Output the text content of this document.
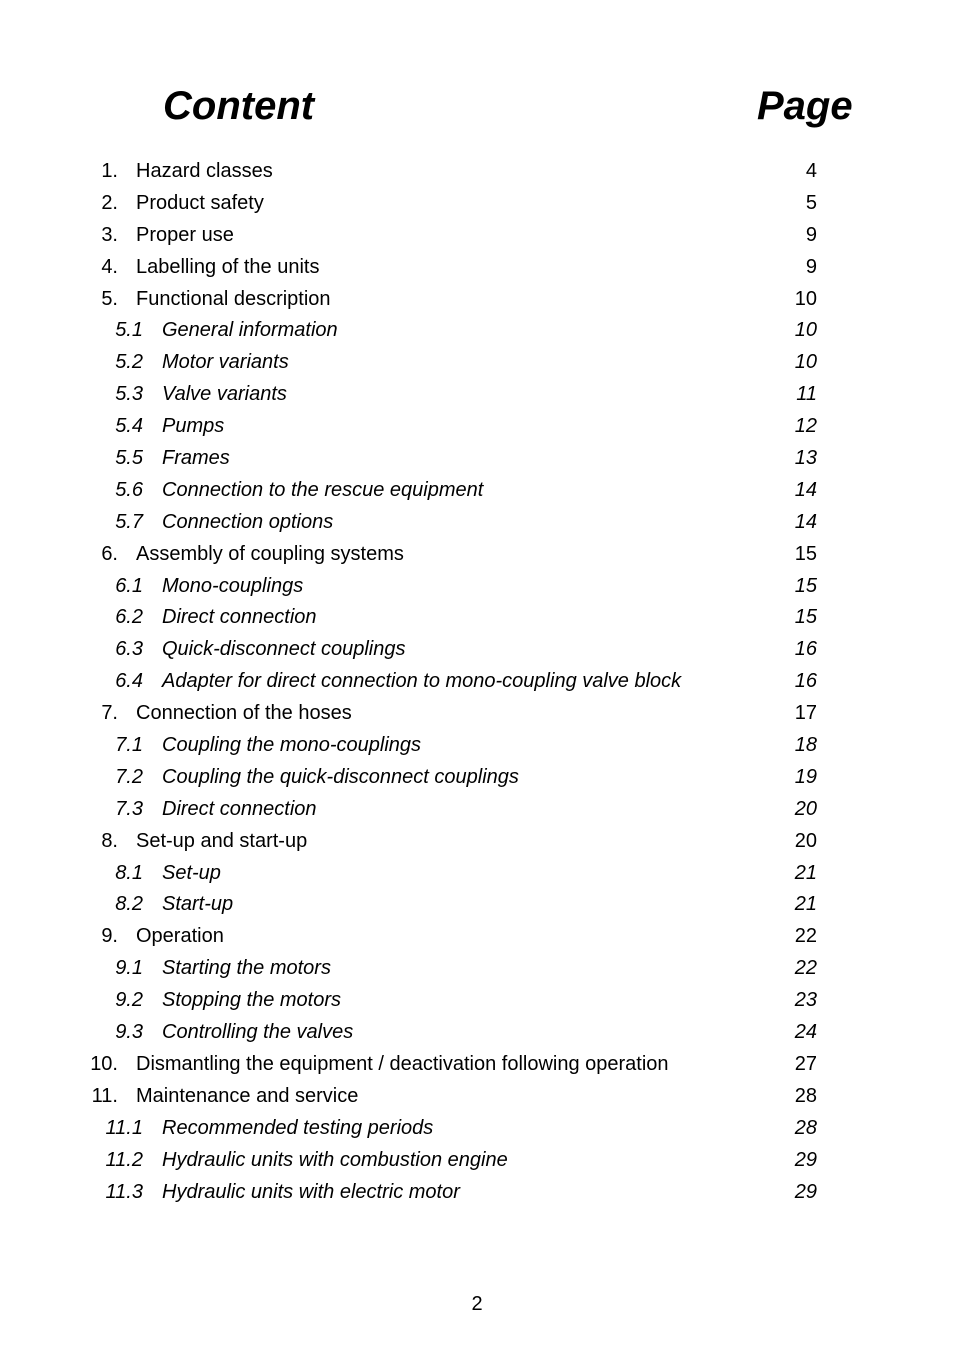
Content	Page
1. Hazard classes	4
2. Product safety	5
3. Proper use	9
4. Labelling of the units	9
5. Functional description	10
5.1 General information	10
5.2 Motor variants	10
5.3 Valve variants	11
5.4 Pumps	12
5.5 Frames	13
5.6 Connection to the rescue equipment	14
5.7 Connection options	14
6. Assembly of coupling systems	15
6.1 Mono-couplings	15
6.2 Direct connection	15
6.3 Quick-disconnect couplings	16
6.4 Adapter for direct connection to mono-coupling valve block	16
7. Connection of the hoses	17
7.1 Coupling the mono-couplings	18
7.2 Coupling the quick-disconnect couplings	19
7.3 Direct connection	20
8. Set-up and start-up	20
8.1 Set-up	21
8.2 Start-up	21
9. Operation	22
9.1 Starting the motors	22
9.2 Stopping the motors	23
9.3 Controlling the valves	24
10. Dismantling the equipment / deactivation following operation	27
11. Maintenance and service	28
11.1 Recommended testing periods	28
11.2 Hydraulic units with combustion engine	29
11.3 Hydraulic units with electric motor	29
2
